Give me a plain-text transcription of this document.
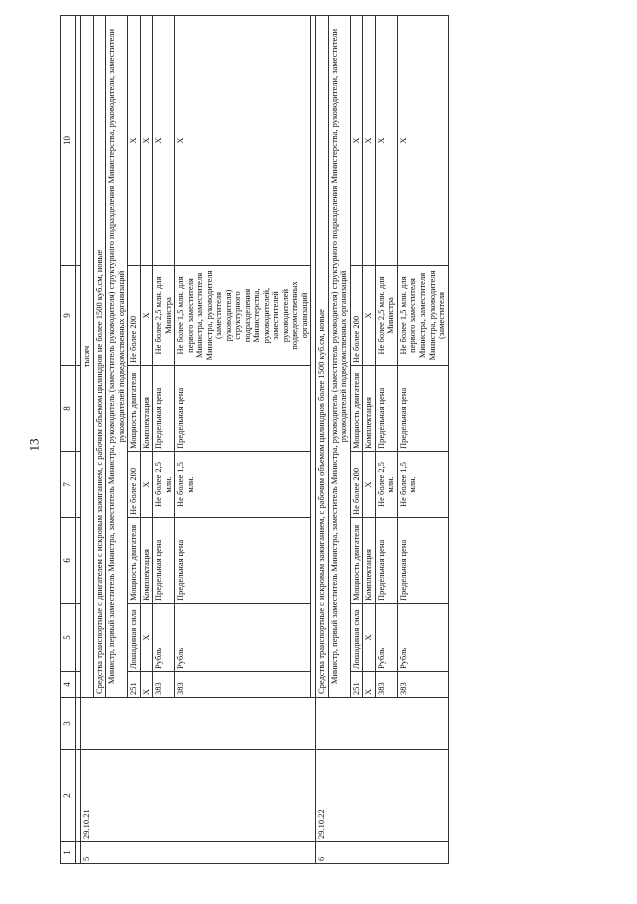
13
1	2	3	4	5	6	7	8	9	10

5	29.10.21		тысяч						
			Средства транспортные с двигателем с искровым зажиганием, с рабочим объемом цилиндров не более 1500 куб.см, новые						
			Министр, первый заместитель Министра, заместитель Министра, руководитель (заместитель руководителя) структурного подразделения Министерства, руководители, заместители руководителей подведомственных организаций						
			251	Лошадиная сила	Мощность двигателя	Не более 200	Мощность двигателя	Не более 200	Х
			Х	Х	Комплектация	Х	Комплектация	Х	Х
			383	Рубль	Предельная цена	Не более 2,5 млн.	Предельная цена	Не более 2,5 млн. для Министра	Х
			383	Рубль	Предельная цена	Не более 1,5 млн.	Предельная цена	Не более 1,5 млн. для первого заместителя Министра, заместителя Министра, руководителя (заместителя руководителя) структурного подразделения Министерства, руководителей, заместителей руководителей подведомственных организаций	Х

6	29.10.22		Средства транспортные с искровым зажиганием, с рабочим объемом цилиндров более 1500 куб.см, новые						
			Министр, первый заместитель Министра, заместитель Министра, руководитель (заместитель руководителя) структурного подразделения Министерства, руководители, заместители руководителей подведомственных организаций						
			251	Лошадиная сила	Мощность двигателя	Не более 200	Мощность двигателя	Не более 200	Х
			Х	Х	Комплектация	Х	Комплектация	Х	Х
			383	Рубль	Предельная цена	Не более 2,5 млн.	Предельная цена	Не более 2,5 млн. для Министра	Х
			383	Рубль	Предельная цена	Не более 1,5 млн.	Предельная цена	Не более 1,5 млн. для первого заместителя Министра, заместителя Министра, руководителя (заместителя	Х
